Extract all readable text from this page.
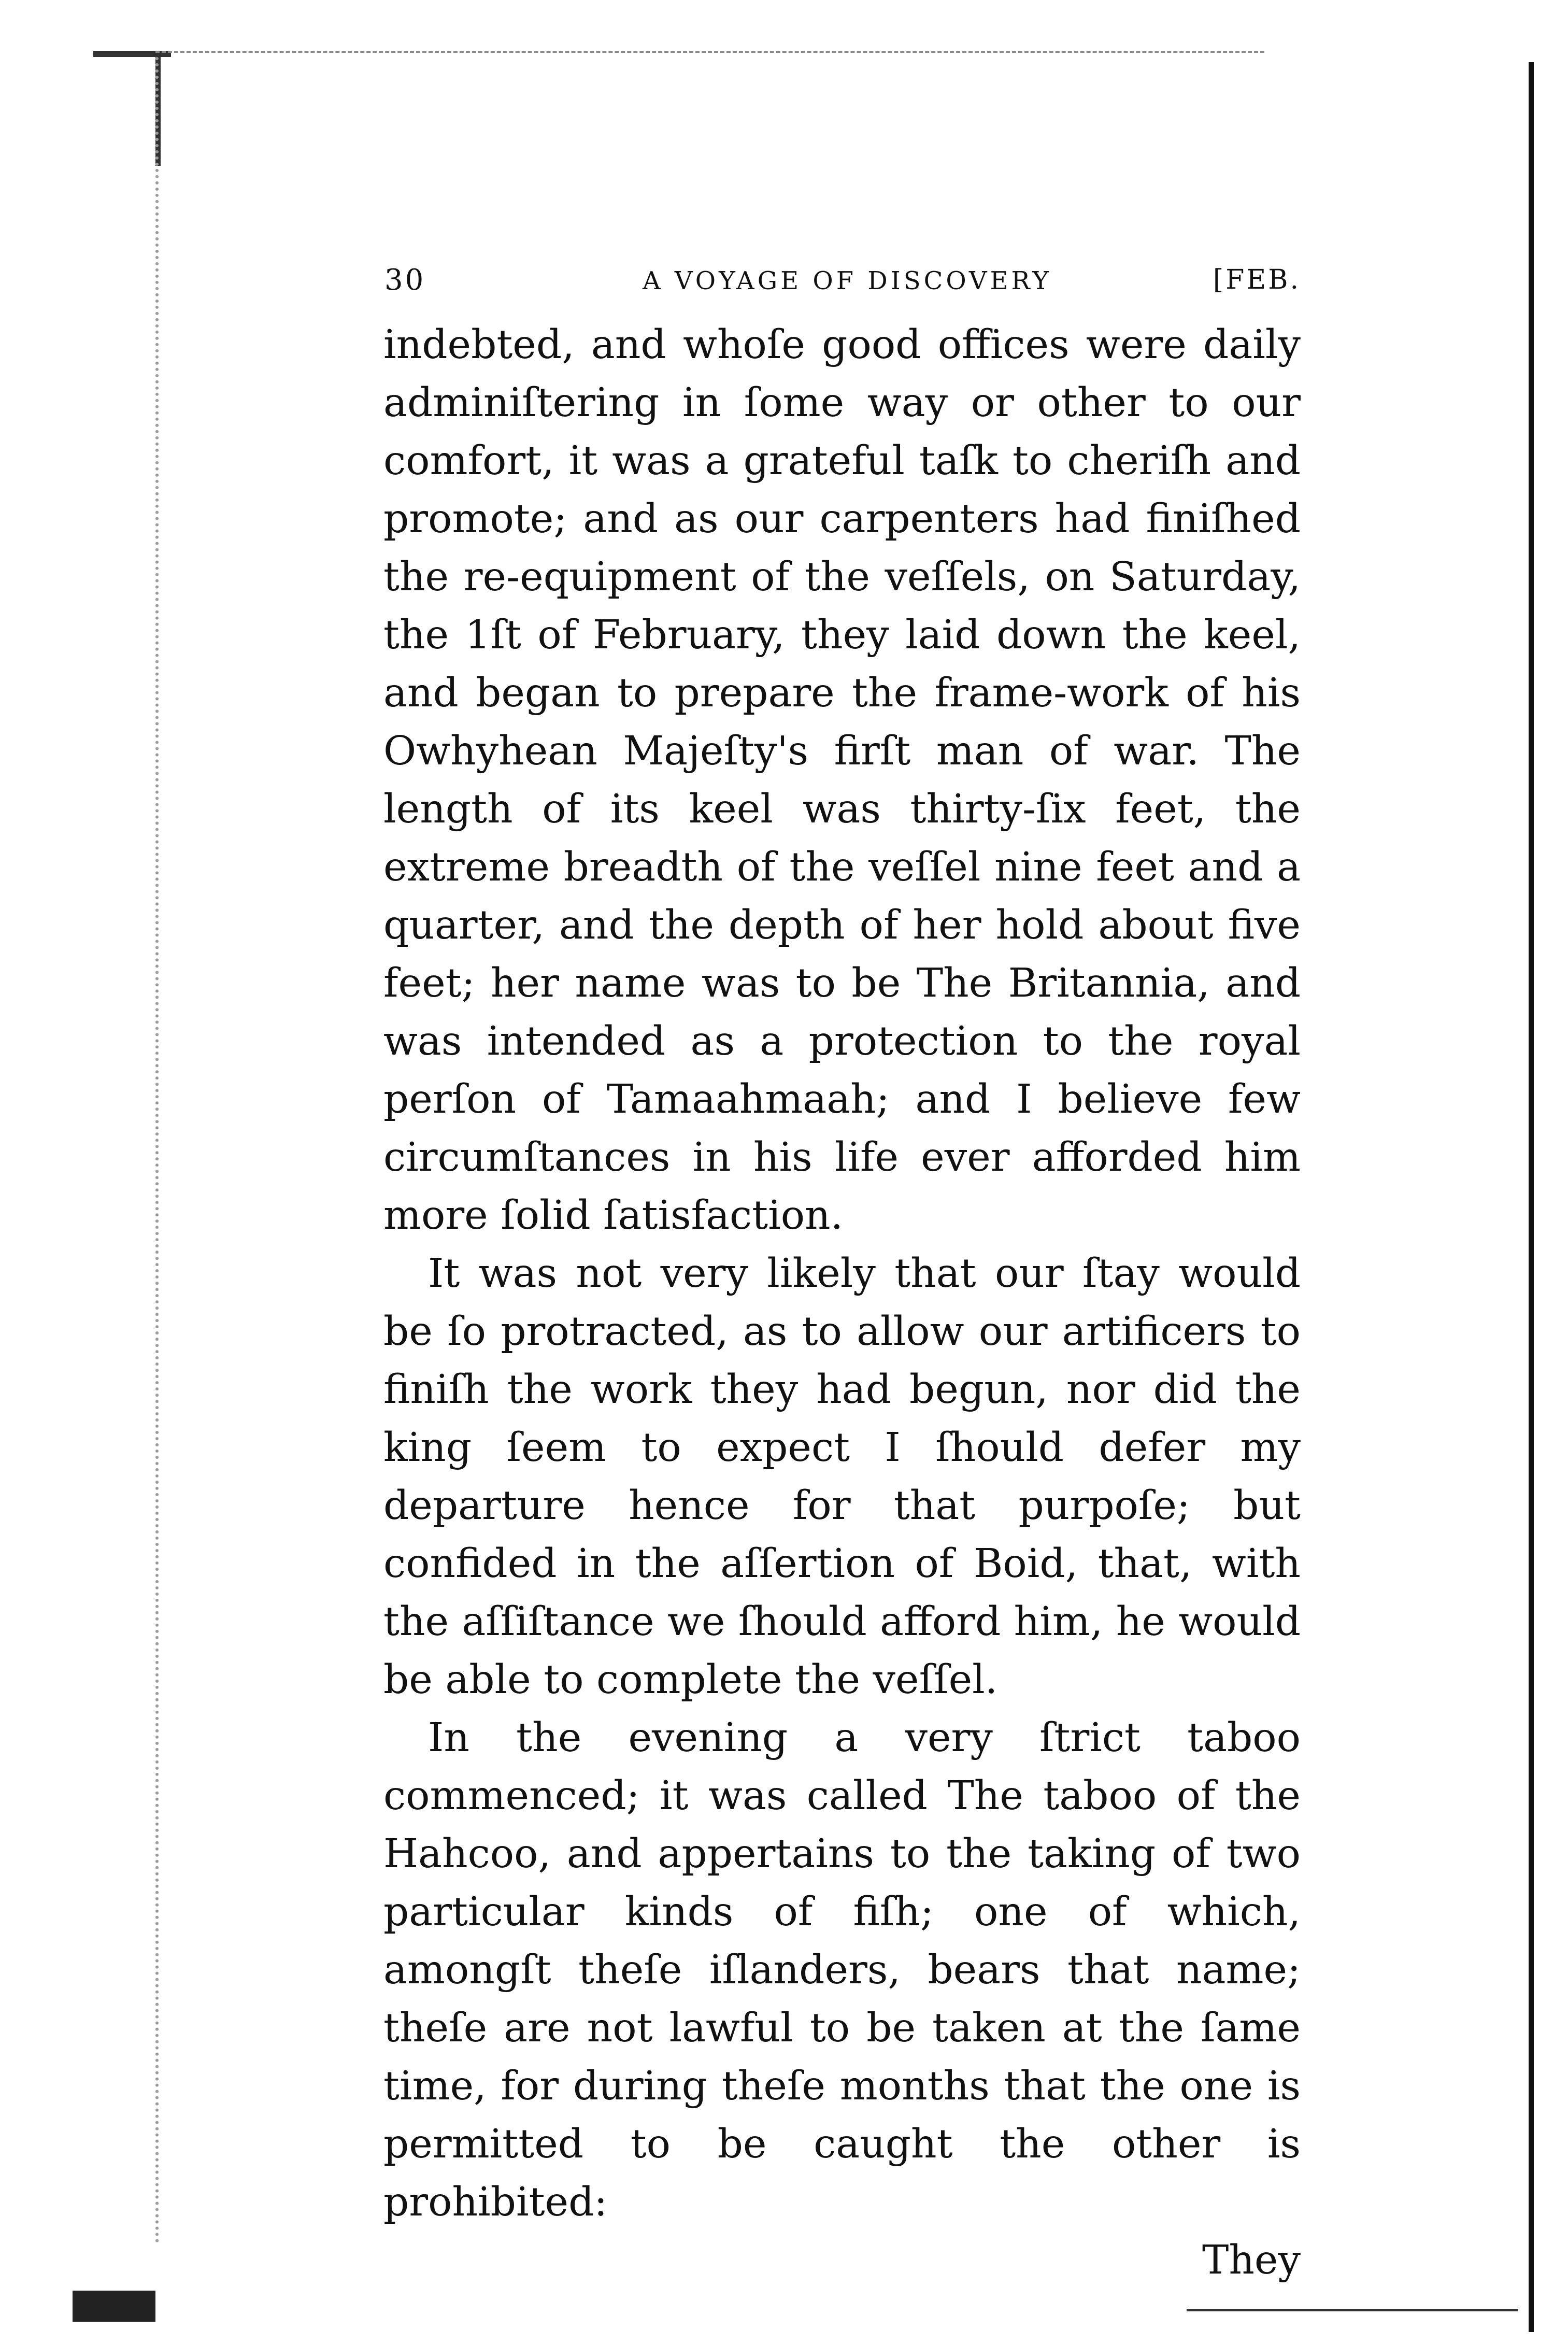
30	A VOYAGE OF DISCOVERY	[FEB.

indebted, and whoſe good offices were daily adminiſtering in ſome way or other to our comfort, it was a grateful taſk to cheriſh and promote; and as our carpenters had finiſhed the re-equipment of the veſſels, on Saturday, the 1ſt of February, they laid down the keel, and began to prepare the frame-work of his Owhyhean Majeſty's firſt man of war. The length of its keel was thirty-ſix feet, the extreme breadth of the veſſel nine feet and a quarter, and the depth of her hold about five feet; her name was to be The Britannia, and was intended as a protection to the royal perſon of Tamaahmaah; and I believe few circumſtances in his life ever afforded him more ſolid ſatisfaction.

It was not very likely that our ſtay would be ſo protracted, as to allow our artificers to finiſh the work they had begun, nor did the king ſeem to expect I ſhould defer my departure hence for that purpoſe; but confided in the aſſertion of Boid, that, with the aſſiſtance we ſhould afford him, he would be able to complete the veſſel.

In the evening a very ſtrict taboo commenced; it was called The taboo of the Hahcoo, and appertains to the taking of two particular kinds of fiſh; one of which, amongſt theſe iſlanders, bears that name; theſe are not lawful to be taken at the ſame time, for during theſe months that the one is permitted to be caught the other is prohibited:

They
